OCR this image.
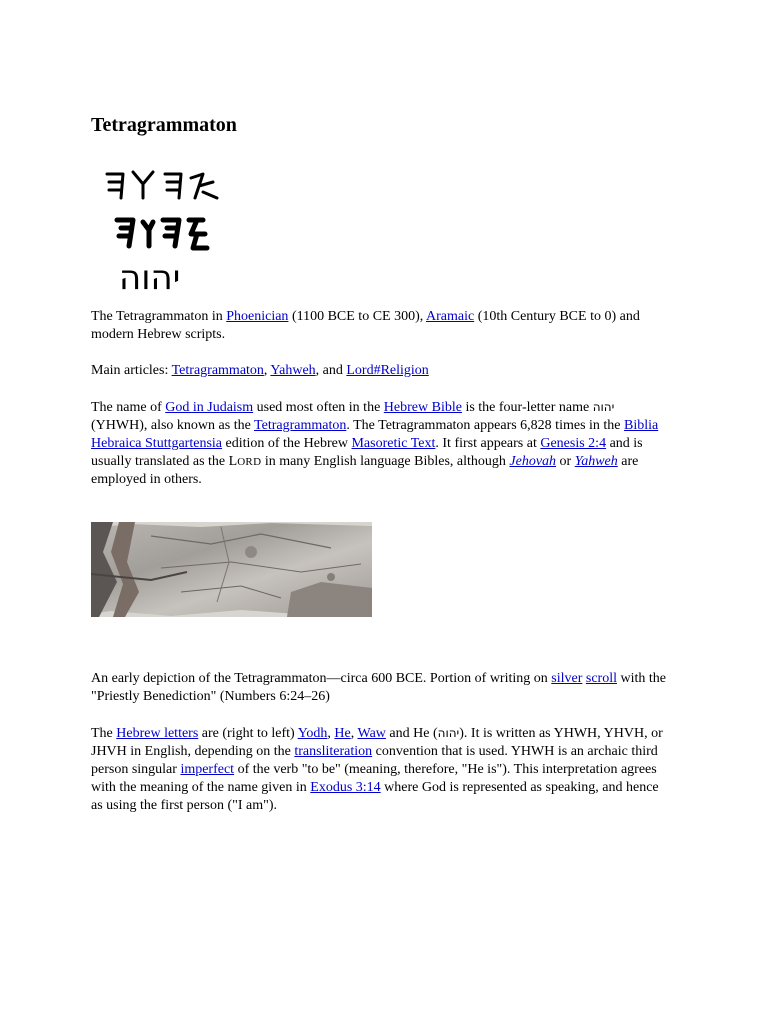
Tetragrammaton
יהוה

The Tetragrammaton in Phoenician (1100 BCE to CE 300), Aramaic (10th Century BCE to 0) and modern Hebrew scripts.

Main articles: Tetragrammaton, Yahweh, and Lord#Religion

The name of God in Judaism used most often in the Hebrew Bible is the four-letter name יהוה (YHWH), also known as the Tetragrammaton. The Tetragrammaton appears 6,828 times in the Biblia Hebraica Stuttgartensia edition of the Hebrew Masoretic Text. It first appears at Genesis 2:4 and is usually translated as the LORD in many English language Bibles, although Jehovah or Yahweh are employed in others.

An early depiction of the Tetragrammaton—circa 600 BCE. Portion of writing on silver scroll with the "Priestly Benediction" (Numbers 6:24–26)

The Hebrew letters are (right to left) Yodh, He, Waw and He (יהוה). It is written as YHWH, YHVH, or JHVH in English, depending on the transliteration convention that is used. YHWH is an archaic third person singular imperfect of the verb "to be" (meaning, therefore, "He is"). This interpretation agrees with the meaning of the name given in Exodus 3:14 where God is represented as speaking, and hence as using the first person ("I am").
